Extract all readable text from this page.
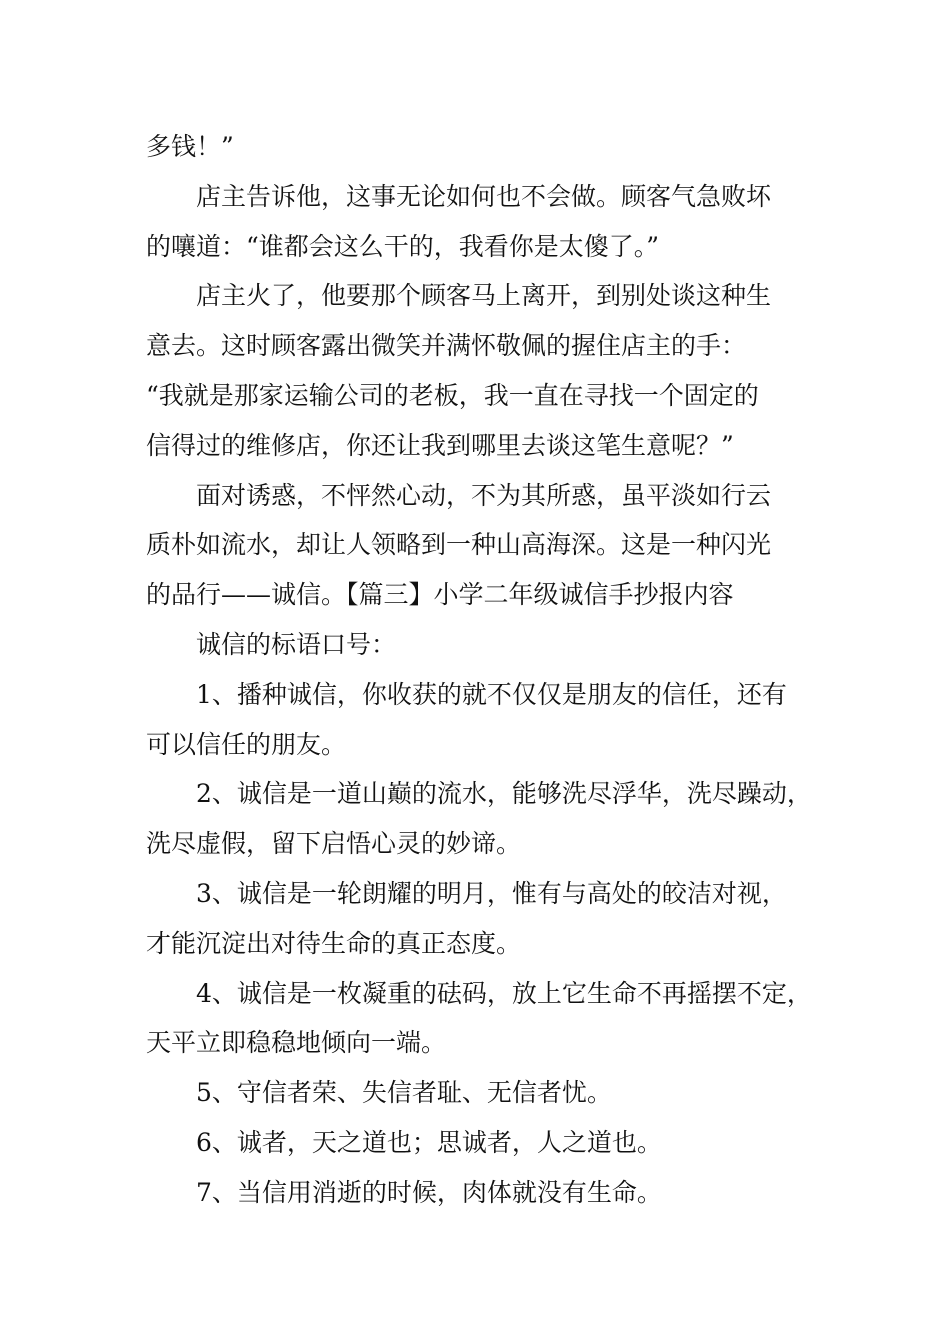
多钱！”
店主告诉他，这事无论如何也不会做。顾客气急败坏
的嚷道：“谁都会这么干的，我看你是太傻了。”
店主火了，他要那个顾客马上离开，到别处谈这种生
意去。这时顾客露出微笑并满怀敬佩的握住店主的手：
“我就是那家运输公司的老板，我一直在寻找一个固定的
信得过的维修店，你还让我到哪里去谈这笔生意呢？”
面对诱惑，不怦然心动，不为其所惑，虽平淡如行云
质朴如流水，却让人领略到一种山高海深。这是一种闪光
的品行——诚信。【篇三】小学二年级诚信手抄报内容
诚信的标语口号：
1、播种诚信，你收获的就不仅仅是朋友的信任，还有
可以信任的朋友。
2、诚信是一道山巅的流水，能够洗尽浮华，洗尽躁动，
洗尽虚假，留下启悟心灵的妙谛。
3、诚信是一轮朗耀的明月，惟有与高处的皎洁对视，
才能沉淀出对待生命的真正态度。
4、诚信是一枚凝重的砝码，放上它生命不再摇摆不定，
天平立即稳稳地倾向一端。
5、守信者荣、失信者耻、无信者忧。
6、诚者，天之道也；思诚者，人之道也。
7、当信用消逝的时候，肉体就没有生命。
